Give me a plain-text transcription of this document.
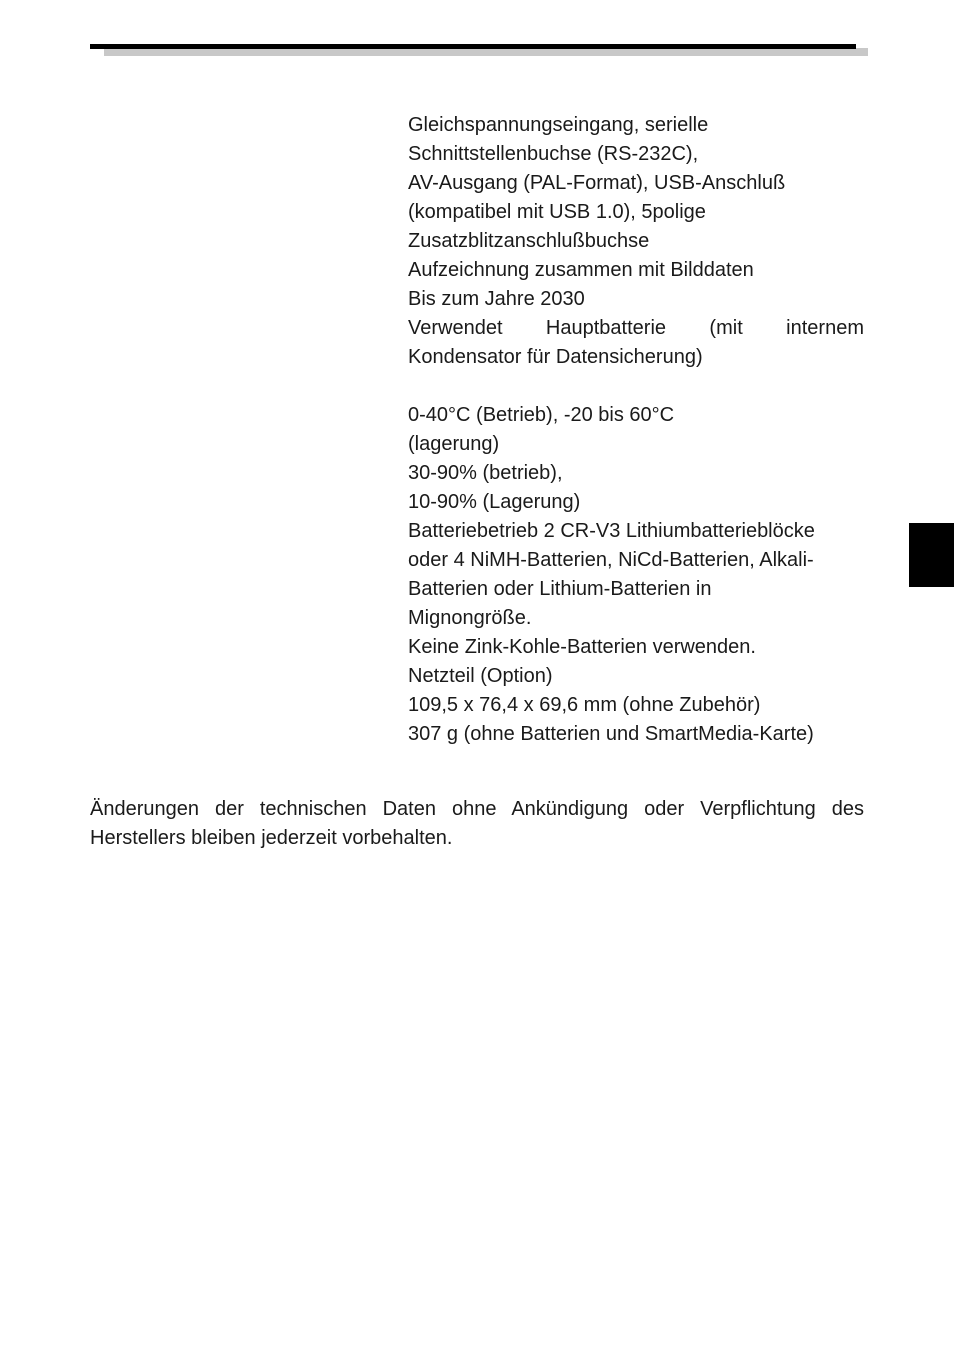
Gleichspannungseingang, serielle
Schnittstellenbuchse (RS-232C),
AV-Ausgang (PAL-Format), USB-Anschluß
(kompatibel mit USB 1.0), 5polige
Zusatzblitzanschlußbuchse
Aufzeichnung zusammen mit Bilddaten
Bis zum Jahre 2030
Verwendet Hauptbatterie (mit internem
Kondensator für Datensicherung)
0-40°C (Betrieb), -20 bis 60°C
(lagerung)
30-90% (betrieb),
10-90% (Lagerung)
Batteriebetrieb 2 CR-V3 Lithiumbatterieblöcke
oder 4 NiMH-Batterien, NiCd-Batterien, Alkali-
Batterien oder Lithium-Batterien in
Mignongröße.
Keine Zink-Kohle-Batterien verwenden.
Netzteil (Option)
109,5 x 76,4 x 69,6 mm (ohne Zubehör)
307 g (ohne Batterien und SmartMedia-Karte)
Änderungen der technischen Daten ohne Ankündigung oder Verpflichtung des
Herstellers bleiben jederzeit vorbehalten.
